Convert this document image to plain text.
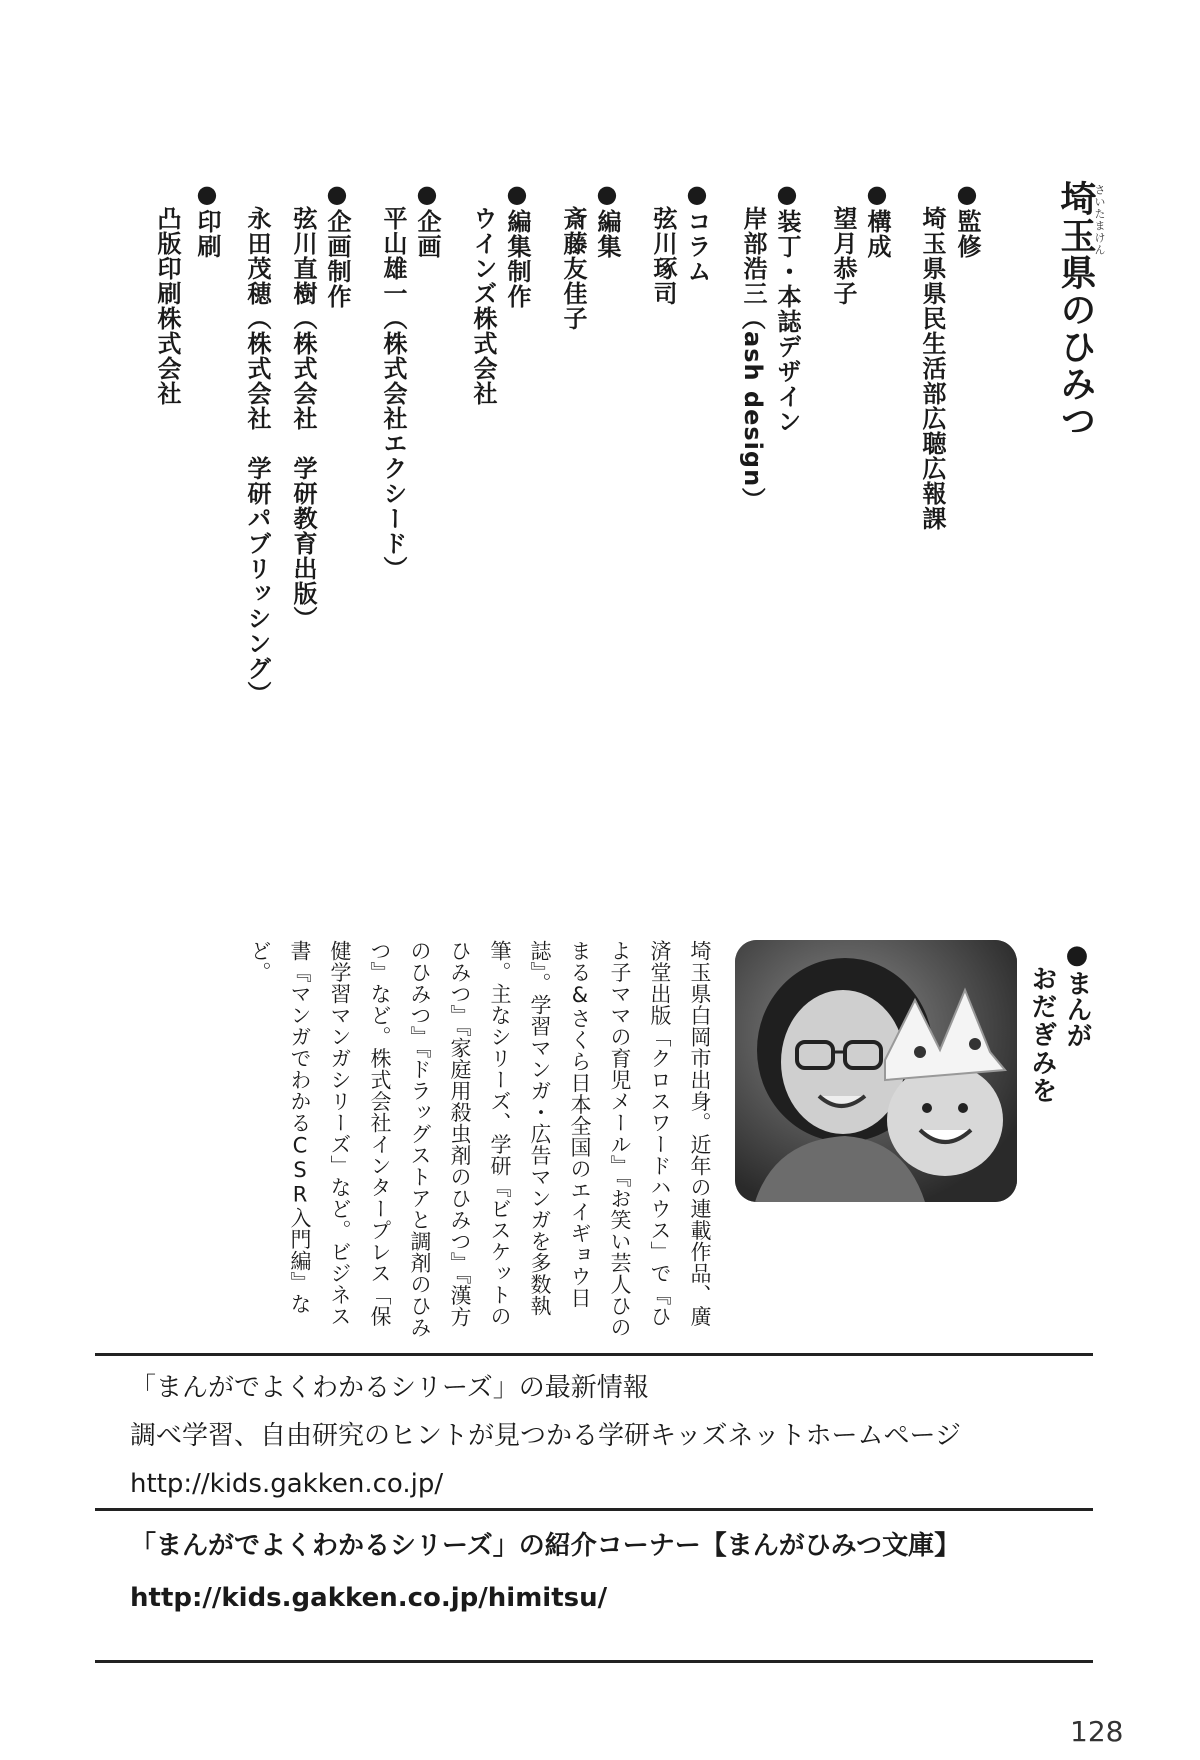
さいたまけん
埼玉県のひみつ
●監修
埼玉県県民生活部広聴広報課
●構成
望月恭子
●装丁・本誌デザイン
岸部浩三（ash design）
●コラム
弦川琢司
●編集
斎藤友佳子
●編集制作
ウインズ株式会社
●企画
平山雄一（株式会社エクシード）
●企画制作
弦川直樹（株式会社　学研教育出版）
永田茂穂（株式会社　学研パブリッシング）
●印刷
凸版印刷株式会社
●まんが
おだぎみを
埼玉県白岡市出身。近年の連載作品、廣済堂出版「クロスワードハウス」で『ひよ子ママの育児メール』『お笑い芸人ひのまる&さくら日本全国のエイギョウ日誌』。学習マンガ・広告マンガを多数執筆。主なシリーズ、学研『ビスケットのひみつ』『家庭用殺虫剤のひみつ』『漢方のひみつ』『ドラッグストアと調剤のひみつ』など。株式会社インタープレス「保健学習マンガシリーズ」など。ビジネス書『マンガでわかるCSR入門編』など。
「まんがでよくわかるシリーズ」の最新情報
調べ学習、自由研究のヒントが見つかる学研キッズネットホームページ
http://kids.gakken.co.jp/
「まんがでよくわかるシリーズ」の紹介コーナー【まんがひみつ文庫】
http://kids.gakken.co.jp/himitsu/
128
